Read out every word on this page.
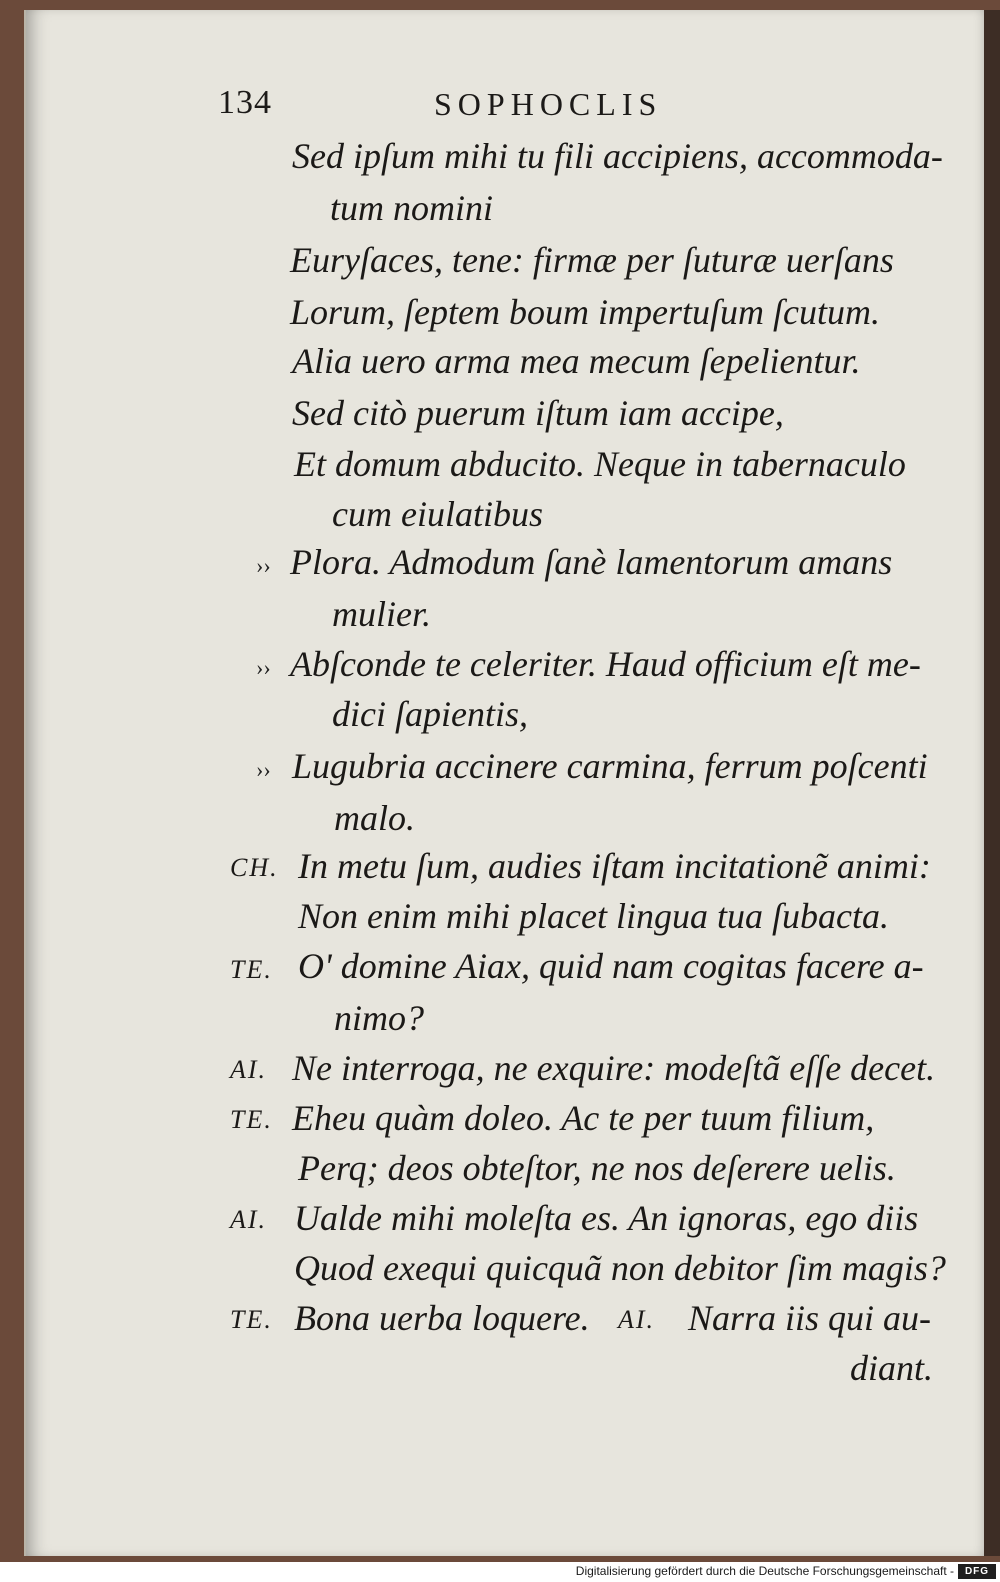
134	SOPHOCLIS
Sed ipſum mihi tu fili accipiens, accommoda-
tum nomini
Euryſaces, tene: firmæ per ſuturæ uerſans
Lorum, ſeptem boum impertuſum ſcutum.
Alia uero arma mea mecum ſepelientur.
Sed citò puerum iſtum iam accipe,
Et domum abducito. Neque in tabernaculo
cum eiulatibus
›› Plora. Admodum ſanè lamentorum amans
mulier.
›› Abſconde te celeriter. Haud officium eſt me-
dici ſapientis,
›› Lugubria accinere carmina, ferrum poſcenti
malo.
CH. In metu ſum, audies iſtam incitationẽ animi:
Non enim mihi placet lingua tua ſubacta.
TE. O' domine Aiax, quid nam cogitas facere a-
nimo?
AI. Ne interroga, ne exquire: modeſtã eſſe decet.
TE. Eheu quàm doleo. Ac te per tuum filium,
Perq; deos obteſtor, ne nos deſerere uelis.
AI. Ualde mihi moleſta es. An ignoras, ego diis
Quod exequi quicquã non debitor ſim magis?
TE. Bona uerba loquere. AI. Narra iis qui au-
diant.
Digitalisierung gefördert durch die Deutsche Forschungsgemeinschaft -	DFG
